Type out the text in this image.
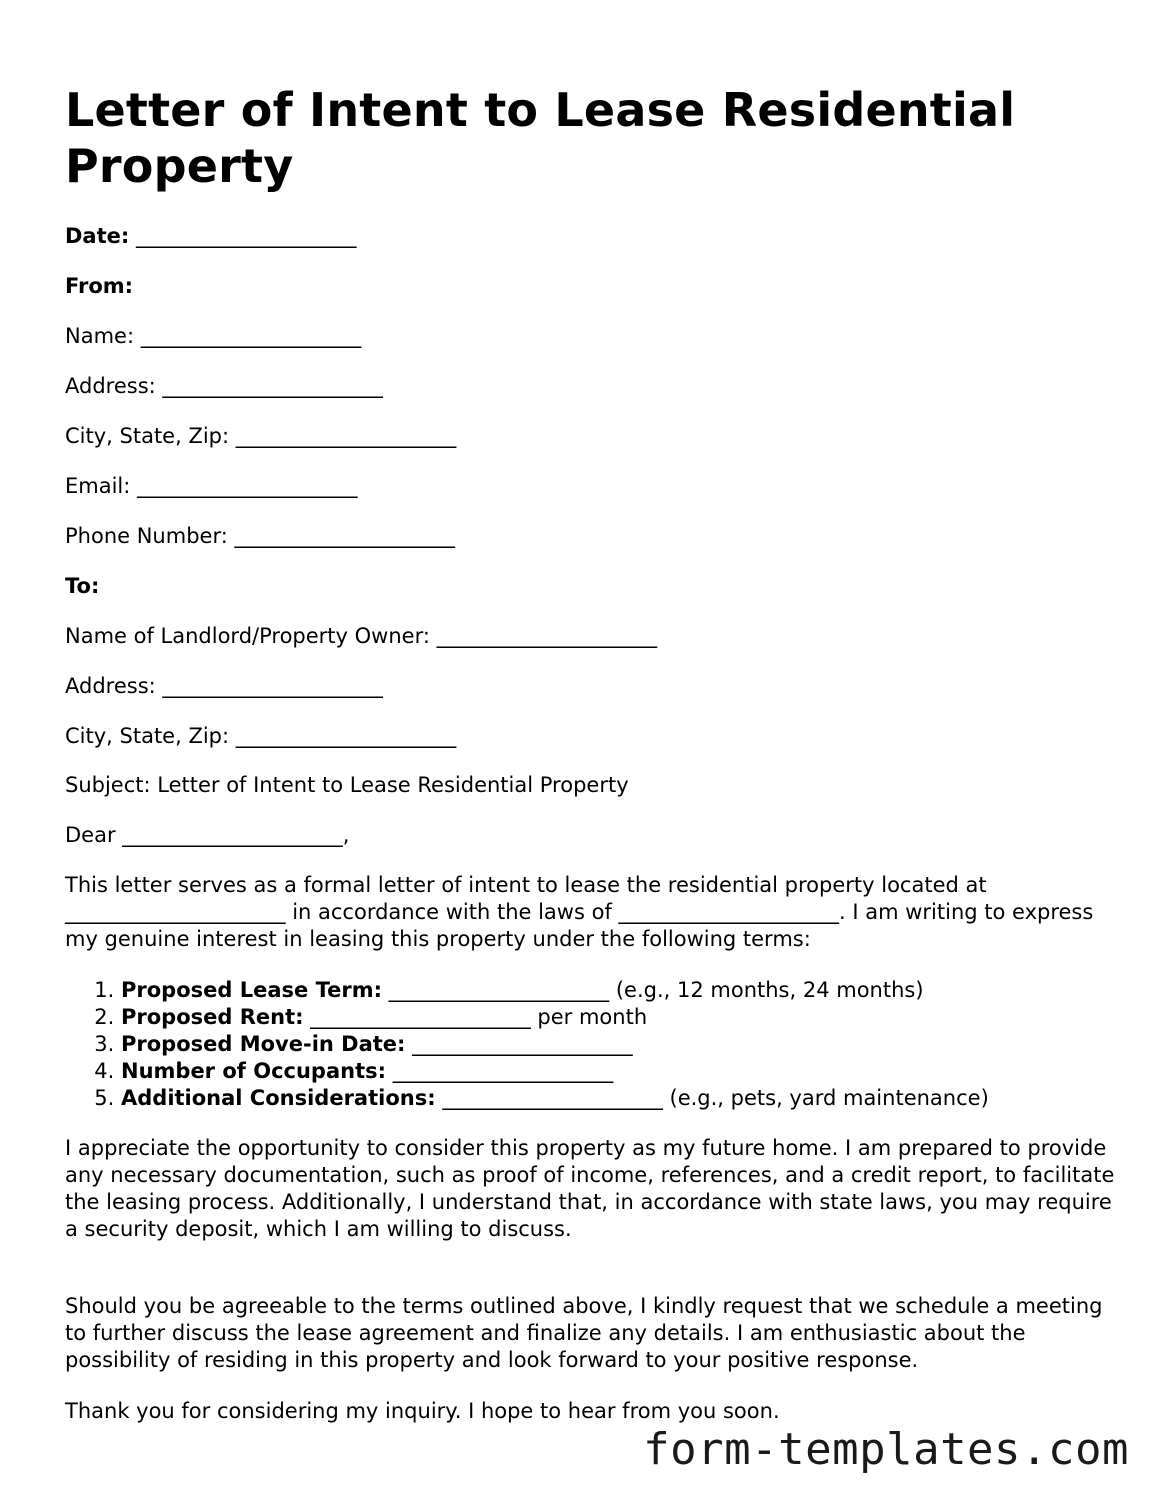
Letter of Intent to Lease Residential Property
Date: _____________________
From:
Name: _____________________
Address: _____________________
City, State, Zip: _____________________
Email: _____________________
Phone Number: _____________________
To:
Name of Landlord/Property Owner: _____________________
Address: _____________________
City, State, Zip: _____________________
Subject: Letter of Intent to Lease Residential Property
Dear _____________________,
This letter serves as a formal letter of intent to lease the residential property located at _____________________ in accordance with the laws of _____________________. I am writing to express my genuine interest in leasing this property under the following terms:
1. Proposed Lease Term: _____________________ (e.g., 12 months, 24 months)
2. Proposed Rent: _____________________ per month
3. Proposed Move-in Date: _____________________
4. Number of Occupants: _____________________
5. Additional Considerations: _____________________ (e.g., pets, yard maintenance)
I appreciate the opportunity to consider this property as my future home. I am prepared to provide any necessary documentation, such as proof of income, references, and a credit report, to facilitate the leasing process. Additionally, I understand that, in accordance with state laws, you may require a security deposit, which I am willing to discuss.
Should you be agreeable to the terms outlined above, I kindly request that we schedule a meeting to further discuss the lease agreement and finalize any details. I am enthusiastic about the possibility of residing in this property and look forward to your positive response.
Thank you for considering my inquiry. I hope to hear from you soon.
form-templates.com
